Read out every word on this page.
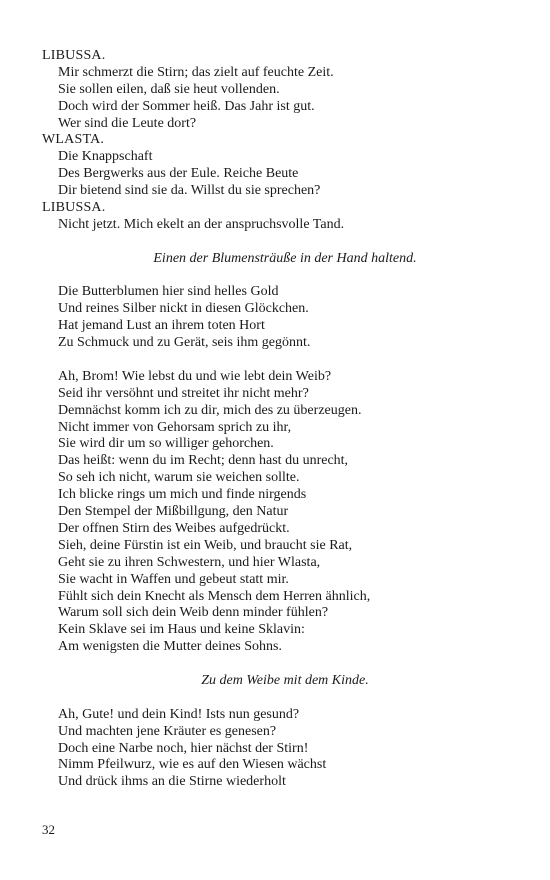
LIBUSSA.
Mir schmerzt die Stirn; das zielt auf feuchte Zeit.
Sie sollen eilen, daß sie heut vollenden.
Doch wird der Sommer heiß. Das Jahr ist gut.
Wer sind die Leute dort?
WLASTA.
Die Knappschaft
Des Bergwerks aus der Eule. Reiche Beute
Dir bietend sind sie da. Willst du sie sprechen?
LIBUSSA.
Nicht jetzt. Mich ekelt an der anspruchsvolle Tand.
Einen der Blumensträuße in der Hand haltend.
Die Butterblumen hier sind helles Gold
Und reines Silber nickt in diesen Glöckchen.
Hat jemand Lust an ihrem toten Hort
Zu Schmuck und zu Gerät, seis ihm gegönnt.
Ah, Brom! Wie lebst du und wie lebt dein Weib?
Seid ihr versöhnt und streitet ihr nicht mehr?
Demnächst komm ich zu dir, mich des zu überzeugen.
Nicht immer von Gehorsam sprich zu ihr,
Sie wird dir um so williger gehorchen.
Das heißt: wenn du im Recht; denn hast du unrecht,
So seh ich nicht, warum sie weichen sollte.
Ich blicke rings um mich und finde nirgends
Den Stempel der Mißbillgung, den Natur
Der offnen Stirn des Weibes aufgedrückt.
Sieh, deine Fürstin ist ein Weib, und braucht sie Rat,
Geht sie zu ihren Schwestern, und hier Wlasta,
Sie wacht in Waffen und gebeut statt mir.
Fühlt sich dein Knecht als Mensch dem Herren ähnlich,
Warum soll sich dein Weib denn minder fühlen?
Kein Sklave sei im Haus und keine Sklavin:
Am wenigsten die Mutter deines Sohns.
Zu dem Weibe mit dem Kinde.
Ah, Gute! und dein Kind! Ists nun gesund?
Und machten jene Kräuter es genesen?
Doch eine Narbe noch, hier nächst der Stirn!
Nimm Pfeilwurz, wie es auf den Wiesen wächst
Und drück ihms an die Stirne wiederholt
32
